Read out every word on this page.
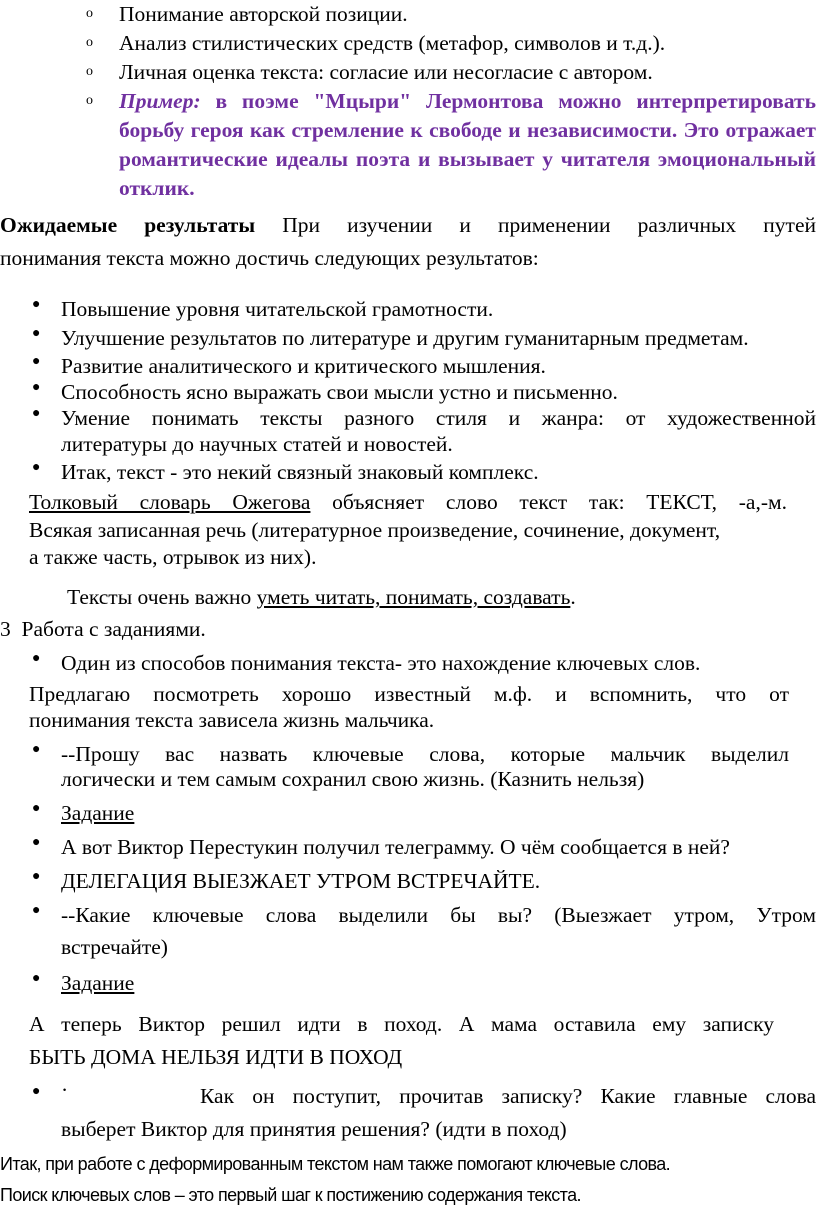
o Понимание авторской позиции.

o Анализ стилистических средств (метафор, символов и т.д.).

o Личная оценка текста: согласие или несогласие с автором.

o Пример: в поэме "Мцыри" Лермонтова можно интерпретировать борьбу героя как стремление к свободе и независимости. Это отражает романтические идеалы поэта и вызывает у читателя эмоциональный отклик.

Ожидаемые результаты При изучении и применении различных путей
понимания текста можно достичь следующих результатов:
● Повышение уровня читательской грамотности.
● Улучшение результатов по литературе и другим гуманитарным предметам.
● Развитие аналитического и критического мышления.
● Способность ясно выражать свои мысли устно и письменно.
● Умение понимать тексты разного стиля и жанра: от художественной
литературы до научных статей и новостей.
● Итак, текст - это некий связный знаковый комплекс.
Толковый словарь Ожегова объясняет слово текст так: ТЕКСТ, -а,-м.
Всякая записанная речь (литературное произведение, сочинение, документ,
а также часть, отрывок из них).
Тексты очень важно уметь читать, понимать, создавать.
3 Работа с заданиями.
● Один из способов понимания текста- это нахождение ключевых слов.
Предлагаю посмотреть хорошо известный м.ф. и вспомнить, что от
понимания текста зависела жизнь мальчика.
● --Прошу вас назвать ключевые слова, которые мальчик выделил
логически и тем самым сохранил свою жизнь. (Казнить нельзя)
● Задание
● А вот Виктор Перестукин получил телеграмму. О чём сообщается в ней?
● ДЕЛЕГАЦИЯ ВЫЕЗЖАЕТ УТРОМ ВСТРЕЧАЙТЕ.
● --Какие ключевые слова выделили бы вы? (Выезжает утром, Утром
встречайте)
● Задание
А теперь Виктор решил идти в поход. А мама оставила ему записку
БЫТЬ ДОМА НЕЛЬЗЯ ИДТИ В ПОХОД
● ·	Как он поступит, прочитав записку? Какие главные слова
выберет Виктор для принятия решения? (идти в поход)
Итак, при работе с деформированным текстом нам также помогают ключевые слова.
Поиск ключевых слов – это первый шаг к постижению содержания текста.
